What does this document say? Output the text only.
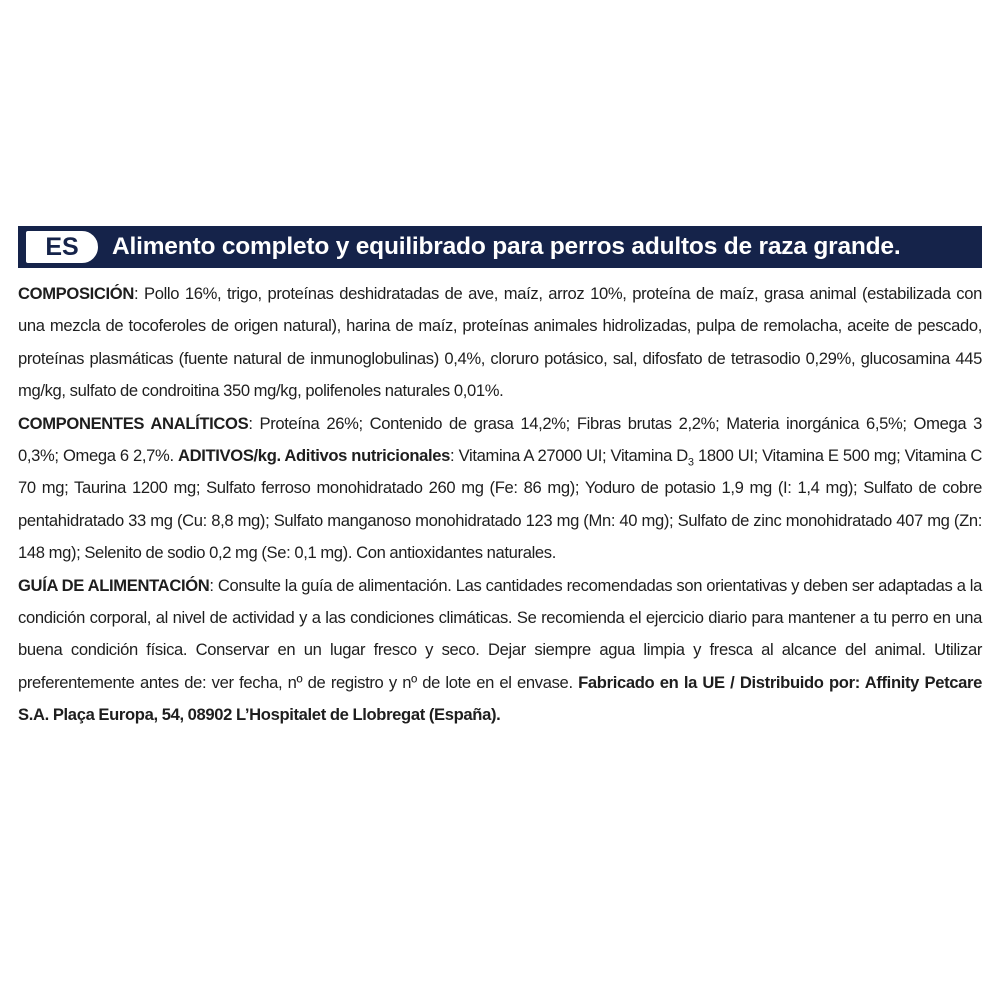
ES	Alimento completo y equilibrado para perros adultos de raza grande.

COMPOSICIÓN: Pollo 16%, trigo, proteínas deshidratadas de ave, maíz, arroz 10%, proteína de maíz, grasa animal (estabilizada con una mezcla de tocoferoles de origen natural), harina de maíz, proteínas animales hidrolizadas, pulpa de remolacha, aceite de pescado, proteínas plasmáticas (fuente natural de inmunoglobulinas) 0,4%, cloruro potásico, sal, difosfato de tetrasodio 0,29%, glucosamina 445 mg/kg, sulfato de condroitina 350 mg/kg, polifenoles naturales 0,01%.

COMPONENTES ANALÍTICOS: Proteína 26%; Contenido de grasa 14,2%; Fibras brutas 2,2%; Materia inorgánica 6,5%; Omega 3 0,3%; Omega 6 2,7%. ADITIVOS/kg. Aditivos nutricionales: Vitamina A 27000 UI; Vitamina $D_3$ 1800 UI; Vitamina E 500 mg; Vitamina C 70 mg; Taurina 1200 mg; Sulfato ferroso monohidratado 260 mg (Fe: 86 mg); Yoduro de potasio 1,9 mg (I: 1,4 mg); Sulfato de cobre pentahidratado 33 mg (Cu: 8,8 mg); Sulfato manganoso monohidratado 123 mg (Mn: 40 mg); Sulfato de zinc monohidratado 407 mg (Zn: 148 mg); Selenito de sodio 0,2 mg (Se: 0,1 mg). Con antioxidantes naturales.

GUÍA DE ALIMENTACIÓN: Consulte la guía de alimentación. Las cantidades recomendadas son orientativas y deben ser adaptadas a la condición corporal, al nivel de actividad y a las condiciones climáticas. Se recomienda el ejercicio diario para mantener a tu perro en una buena condición física. Conservar en un lugar fresco y seco. Dejar siempre agua limpia y fresca al alcance del animal. Utilizar preferentemente antes de: ver fecha, nº de registro y nº de lote en el envase. Fabricado en la UE / Distribuido por: Affinity Petcare S.A. Plaça Europa, 54, 08902 L’Hospitalet de Llobregat (España).
